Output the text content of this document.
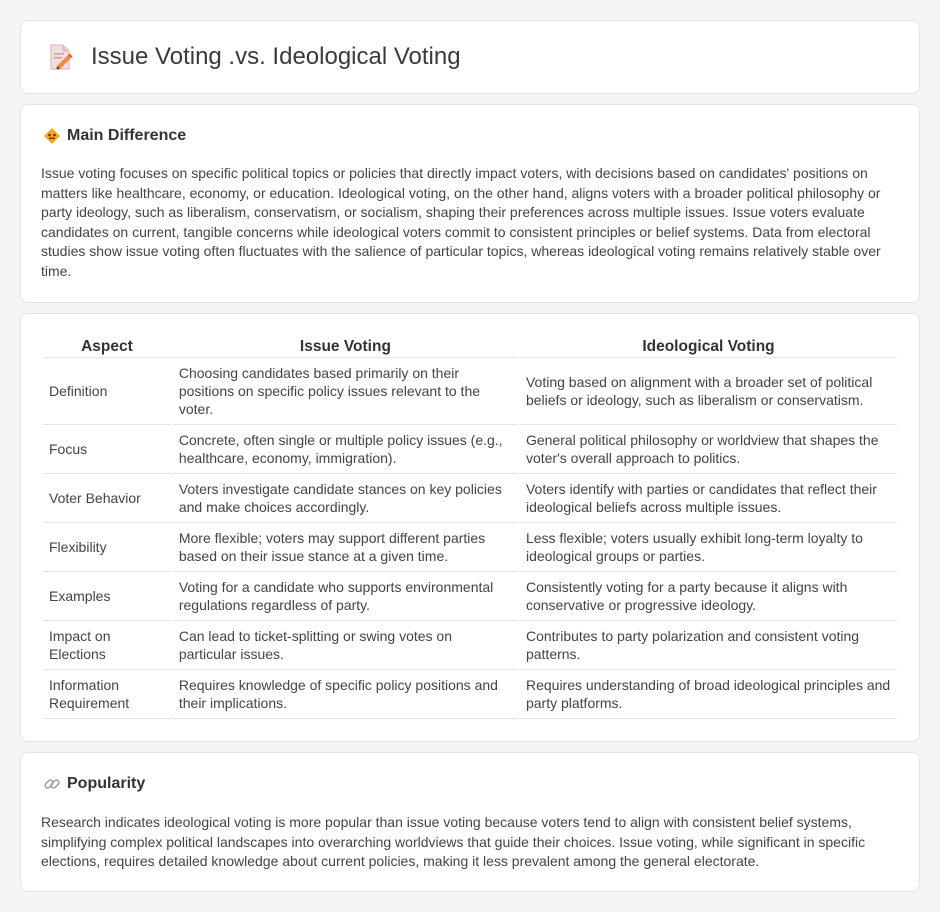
Issue Voting .vs. Ideological Voting
Main Difference

Issue voting focuses on specific political topics or policies that directly impact voters, with decisions based on candidates' positions on matters like healthcare, economy, or education. Ideological voting, on the other hand, aligns voters with a broader political philosophy or party ideology, such as liberalism, conservatism, or socialism, shaping their preferences across multiple issues. Issue voters evaluate candidates on current, tangible concerns while ideological voters commit to consistent principles or belief systems. Data from electoral studies show issue voting often fluctuates with the salience of particular topics, whereas ideological voting remains relatively stable over time.

Aspect	Issue Voting	Ideological Voting
Definition	Choosing candidates based primarily on their positions on specific policy issues relevant to the voter.	Voting based on alignment with a broader set of political beliefs or ideology, such as liberalism or conservatism.
Focus	Concrete, often single or multiple policy issues (e.g., healthcare, economy, immigration).	General political philosophy or worldview that shapes the voter's overall approach to politics.
Voter Behavior	Voters investigate candidate stances on key policies and make choices accordingly.	Voters identify with parties or candidates that reflect their ideological beliefs across multiple issues.
Flexibility	More flexible; voters may support different parties based on their issue stance at a given time.	Less flexible; voters usually exhibit long-term loyalty to ideological groups or parties.
Examples	Voting for a candidate who supports environmental regulations regardless of party.	Consistently voting for a party because it aligns with conservative or progressive ideology.
Impact on Elections	Can lead to ticket-splitting or swing votes on particular issues.	Contributes to party polarization and consistent voting patterns.
Information Requirement	Requires knowledge of specific policy positions and their implications.	Requires understanding of broad ideological principles and party platforms.
Popularity

Research indicates ideological voting is more popular than issue voting because voters tend to align with consistent belief systems, simplifying complex political landscapes into overarching worldviews that guide their choices. Issue voting, while significant in specific elections, requires detailed knowledge about current policies, making it less prevalent among the general electorate.
